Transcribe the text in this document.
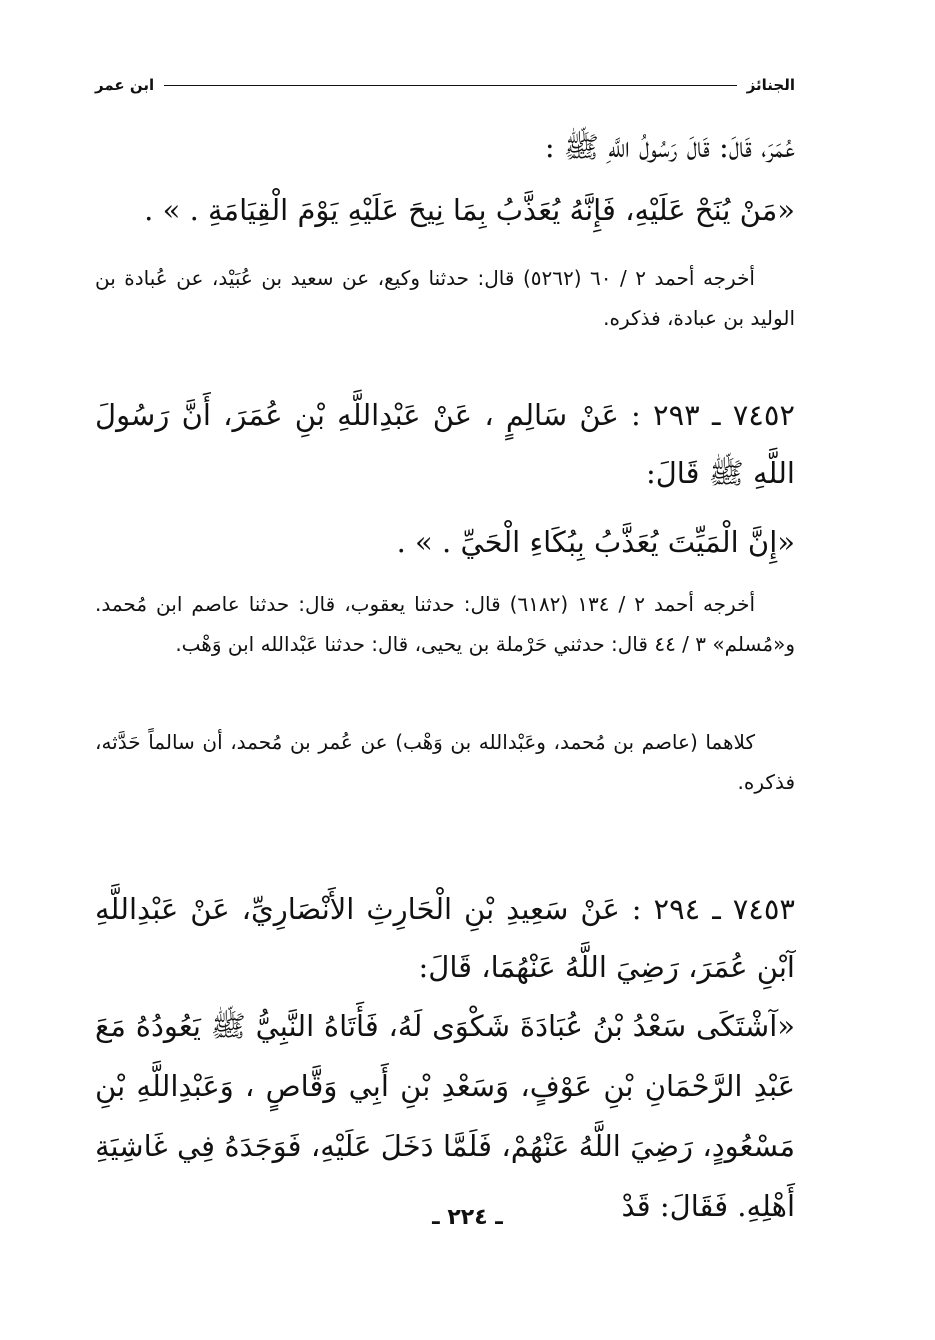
الجنائز
ابن عمر
عُمَرَ، قَالَ: قَالَ رَسُولُ اللَّهِ ﷺ :
«مَنْ يُنَحْ عَلَيْهِ، فَإِنَّهُ يُعَذَّبُ بِمَا نِيحَ عَلَيْهِ يَوْمَ الْقِيَامَةِ . » .
أخرجه أحمد ٢ / ٦٠ (٥٢٦٢) قال: حدثنا وكيع، عن سعيد بن عُبَيْد، عن عُبادة بن الوليد بن عبادة، فذكره.
٧٤٥٢ ـ ٢٩٣ : عَنْ سَالِمٍ ، عَنْ عَبْدِاللَّهِ بْنِ عُمَرَ، أَنَّ رَسُولَ اللَّهِ ﷺ قَالَ:
«إِنَّ الْمَيِّتَ يُعَذَّبُ بِبُكَاءِ الْحَيِّ . » .
أخرجه أحمد ٢ / ١٣٤ (٦١٨٢) قال: حدثنا يعقوب، قال: حدثنا عاصم ابن مُحمد. و«مُسلم» ٣ / ٤٤ قال: حدثني حَرْملة بن يحيى، قال: حدثنا عَبْدالله ابن وَهْب.
كلاهما (عاصم بن مُحمد، وعَبْدالله بن وَهْب) عن عُمر بن مُحمد، أن سالماً حَدَّثه، فذكره.
٧٤٥٣ ـ ٢٩٤ : عَنْ سَعِيدِ بْنِ الْحَارِثِ الأَنْصَارِيِّ، عَنْ عَبْدِاللَّهِ آبْنِ عُمَرَ، رَضِيَ اللَّهُ عَنْهُمَا، قَالَ:
«آشْتَكَى سَعْدُ بْنُ عُبَادَةَ شَكْوَى لَهُ، فَأَتَاهُ النَّبِيُّ ﷺ يَعُودُهُ مَعَ عَبْدِ الرَّحْمَانِ بْنِ عَوْفٍ، وَسَعْدِ بْنِ أَبِي وَقَّاصٍ ، وَعَبْدِاللَّهِ بْنِ مَسْعُودٍ، رَضِيَ اللَّهُ عَنْهُمْ، فَلَمَّا دَخَلَ عَلَيْهِ، فَوَجَدَهُ فِي غَاشِيَةِ أَهْلِهِ. فَقَالَ: قَدْ
ـ ٢٢٤ ـ
